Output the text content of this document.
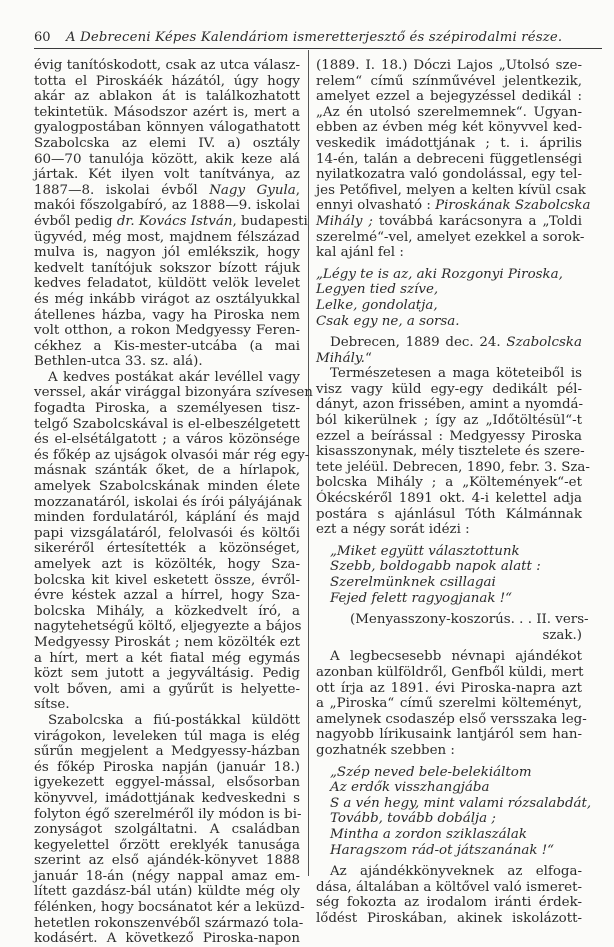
60 A Debreceni Képes Kalendáriom ismeretterjesztő és szépirodalmi része.
évig tanítóskodott, csak az utca válasz-
totta el Piroskáék házától, úgy hogy
akár az ablakon át is találkozhatott
tekintetük. Másodszor azért is, mert a
gyalogpostában könnyen válogathatott
Szabolcska az elemi IV. a) osztály
60—70 tanulója között, akik keze alá
jártak. Két ilyen volt tanítványa, az
1887—8. iskolai évből Nagy Gyula,
makói főszolgabíró, az 1888—9. iskolai
évből pedig dr. Kovács István, budapesti
ügyvéd, még most, majdnem félszázad
mulva is, nagyon jól emlékszik, hogy
kedvelt tanítójuk sokszor bízott rájuk
kedves feladatot, küldött velök levelet
és még inkább virágot az osztályukkal
átellenes házba, vagy ha Piroska nem
volt otthon, a rokon Medgyessy Feren-
cékhez a Kis-mester-utcába (a mai
Bethlen-utca 33. sz. alá).
A kedves postákat akár levéllel vagy
verssel, akár virággal bizonyára szívesen
fogadta Piroska, a személyesen tisz-
telgő Szabolcskával is el-elbeszélgetett
és el-elsétálgatott ; a város közönsége
és főkép az ujságok olvasói már rég egy-
másnak szánták őket, de a hírlapok,
amelyek Szabolcskának minden élete
mozzanatáról, iskolai és írói pályájának
minden fordulatáról, káplání és majd
papi vizsgálatáról, felolvasói és költői
sikeréről értesítették a közönséget,
amelyek azt is közölték, hogy Sza-
bolcska kit kivel esketett össze, évről-
évre késtek azzal a hírrel, hogy Sza-
bolcska Mihály, a közkedvelt író, a
nagytehetségű költő, eljegyezte a bájos
Medgyessy Piroskát ; nem közölték ezt
a hírt, mert a két fiatal még egymás
közt sem jutott a jegyváltásig. Pedig
volt bőven, ami a gyűrűt is helyette-
sítse.
Szabolcska a fiú-postákkal küldött
virágokon, leveleken túl maga is elég
sűrűn megjelent a Medgyessy-házban
és főkép Piroska napján (január 18.)
igyekezett eggyel-mással, elsősorban
könyvvel, imádottjának kedveskedni s
folyton égő szerelméről ily módon is bi-
zonyságot szolgáltatni. A családban
kegyelettel őrzött ereklyék tanusága
szerint az első ajándék-könyvet 1888
január 18-án (négy nappal amaz em-
lített gazdász-bál után) küldte még oly
félénken, hogy bocsánatot kér a leküzd-
hetetlen rokonszenvéből származó tola-
kodásért. A következő Piroska-napon
(1889. I. 18.) Dóczi Lajos „Utolsó sze-
relem“ című színművével jelentkezik,
amelyet ezzel a bejegyzéssel dedikál :
„Az én utolsó szerelmemnek“. Ugyan-
ebben az évben még két könyvvel ked-
veskedik imádottjának ; t. i. április
14-én, talán a debreceni függetlenségi
nyilatkozatra való gondolással, egy tel-
jes Petőfivel, melyen a kelten kívül csak
ennyi olvasható : Piroskának Szabolcska
Mihály ; továbbá karácsonyra a „Toldi
szerelmé“-vel, amelyet ezekkel a sorok-
kal ajánl fel :
„Légy te is az, aki Rozgonyi Piroska,
Legyen tied szíve,
Lelke, gondolatja,
Csak egy ne, a sorsa.
Debrecen, 1889 dec. 24. Szabolcska
Mihály.“
Természetesen a maga köteteiből is
visz vagy küld egy-egy dedikált pél-
dányt, azon frissében, amint a nyomdá-
ból kikerülnek ; így az „Időtöltésül“-t
ezzel a beírással : Medgyessy Piroska
kisasszonynak, mély tisztelete és szere-
tete jeléül. Debrecen, 1890, febr. 3. Sza-
bolcska Mihály ; a „Költemények“-et
Ókécskéről 1891 okt. 4-i kelettel adja
postára s ajánlásul Tóth Kálmánnak
ezt a négy sorát idézi :
„Miket együtt választottunk
Szebb, boldogabb napok alatt :
Szerelmünknek csillagai
Fejed felett ragyogjanak !“
(Menyasszony-koszorús. . . II. vers-
szak.)
A legbecsesebb névnapi ajándékot
azonban külföldről, Genfből küldi, mert
ott írja az 1891. évi Piroska-napra azt
a „Piroska“ című szerelmi költeményt,
amelynek csodaszép első versszaka leg-
nagyobb lírikusaink lantjáról sem han-
gozhatnék szebben :
„Szép neved bele-belekiáltom
Az erdők visszhangjába
S a vén hegy, mint valami rózsalabdát,
Tovább, tovább dobálja ;
Mintha a zordon sziklaszálak
Haragszom rád-ot játszanának !“
Az ajándékkönyveknek az elfoga-
dása, általában a költővel való ismeret-
ség fokozta az irodalom iránti érdek-
lődést Piroskában, akinek iskolázott-
